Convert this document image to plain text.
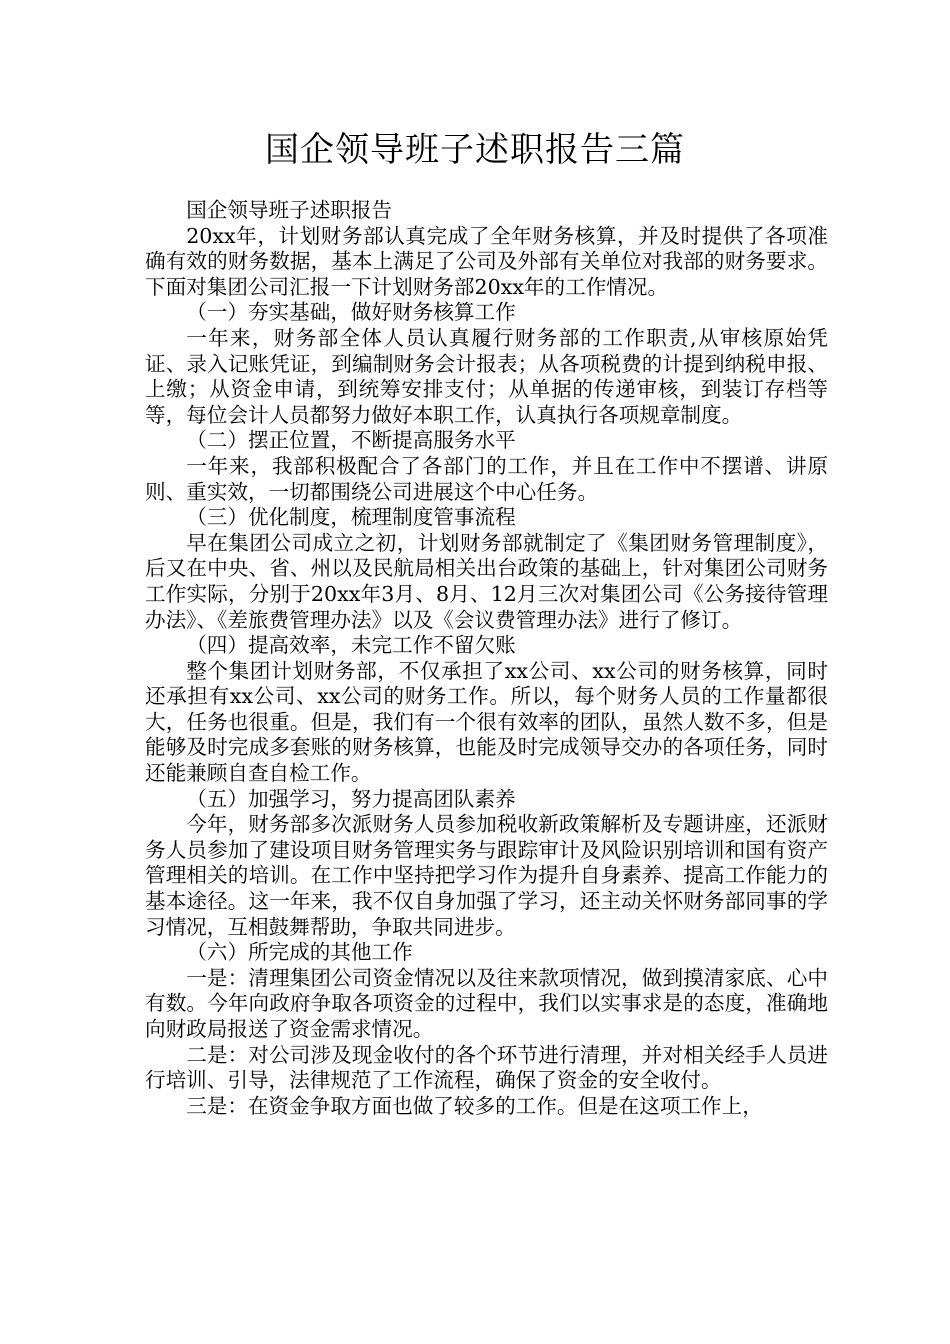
国企领导班子述职报告三篇

国企领导班子述职报告

20xx年，计划财务部认真完成了全年财务核算，并及时提供了各项准确有效的财务数据，基本上满足了公司及外部有关单位对我部的财务要求。下面对集团公司汇报一下计划财务部20xx年的工作情况。

（一）夯实基础，做好财务核算工作

一年来，财务部全体人员认真履行财务部的工作职责,从审核原始凭证、录入记账凭证，到编制财务会计报表；从各项税费的计提到纳税申报、上缴；从资金申请，到统筹安排支付；从单据的传递审核，到装订存档等等，每位会计人员都努力做好本职工作，认真执行各项规章制度。

（二）摆正位置，不断提高服务水平

一年来，我部积极配合了各部门的工作，并且在工作中不摆谱、讲原则、重实效，一切都围绕公司进展这个中心任务。

（三）优化制度，梳理制度管事流程

早在集团公司成立之初，计划财务部就制定了《集团财务管理制度》，后又在中央、省、州以及民航局相关出台政策的基础上，针对集团公司财务工作实际，分别于20xx年3月、8月、12月三次对集团公司《公务接待管理办法》、《差旅费管理办法》以及《会议费管理办法》进行了修订。

（四）提高效率，未完工作不留欠账

整个集团计划财务部，不仅承担了xx公司、xx公司的财务核算，同时还承担有xx公司、xx公司的财务工作。所以，每个财务人员的工作量都很大，任务也很重。但是，我们有一个很有效率的团队，虽然人数不多，但是能够及时完成多套账的财务核算，也能及时完成领导交办的各项任务，同时还能兼顾自查自检工作。

（五）加强学习，努力提高团队素养

今年，财务部多次派财务人员参加税收新政策解析及专题讲座，还派财务人员参加了建设项目财务管理实务与跟踪审计及风险识别培训和国有资产管理相关的培训。在工作中坚持把学习作为提升自身素养、提高工作能力的基本途径。这一年来，我不仅自身加强了学习，还主动关怀财务部同事的学习情况，互相鼓舞帮助，争取共同进步。

（六）所完成的其他工作

一是：清理集团公司资金情况以及往来款项情况，做到摸清家底、心中有数。今年向政府争取各项资金的过程中，我们以实事求是的态度，准确地向财政局报送了资金需求情况。

二是：对公司涉及现金收付的各个环节进行清理，并对相关经手人员进行培训、引导，法律规范了工作流程，确保了资金的安全收付。

三是：在资金争取方面也做了较多的工作。但是在这项工作上，
